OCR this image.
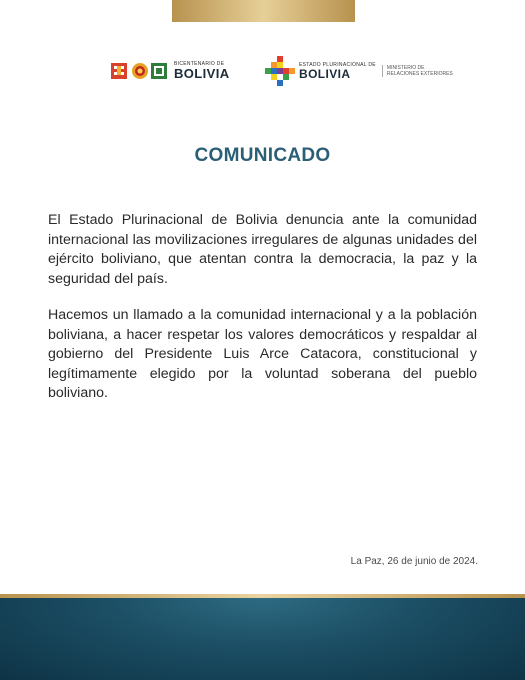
BICENTENARIO DE
BOLIVIA
ESTADO PLURINACIONAL DE
BOLIVIA	MINISTERIO DE
RELACIONES EXTERIORES
COMUNICADO
El Estado Plurinacional de Bolivia denuncia ante la comunidad internacional las movilizaciones irregulares de algunas unidades del ejército boliviano, que atentan contra la democracia, la paz y la seguridad del país.
Hacemos un llamado a la comunidad internacional y a la población boliviana, a hacer respetar los valores democráticos y respaldar al gobierno del Presidente Luis Arce Catacora, constitucional y legítimamente elegido por la voluntad soberana del pueblo boliviano.
La Paz, 26 de junio de 2024.
